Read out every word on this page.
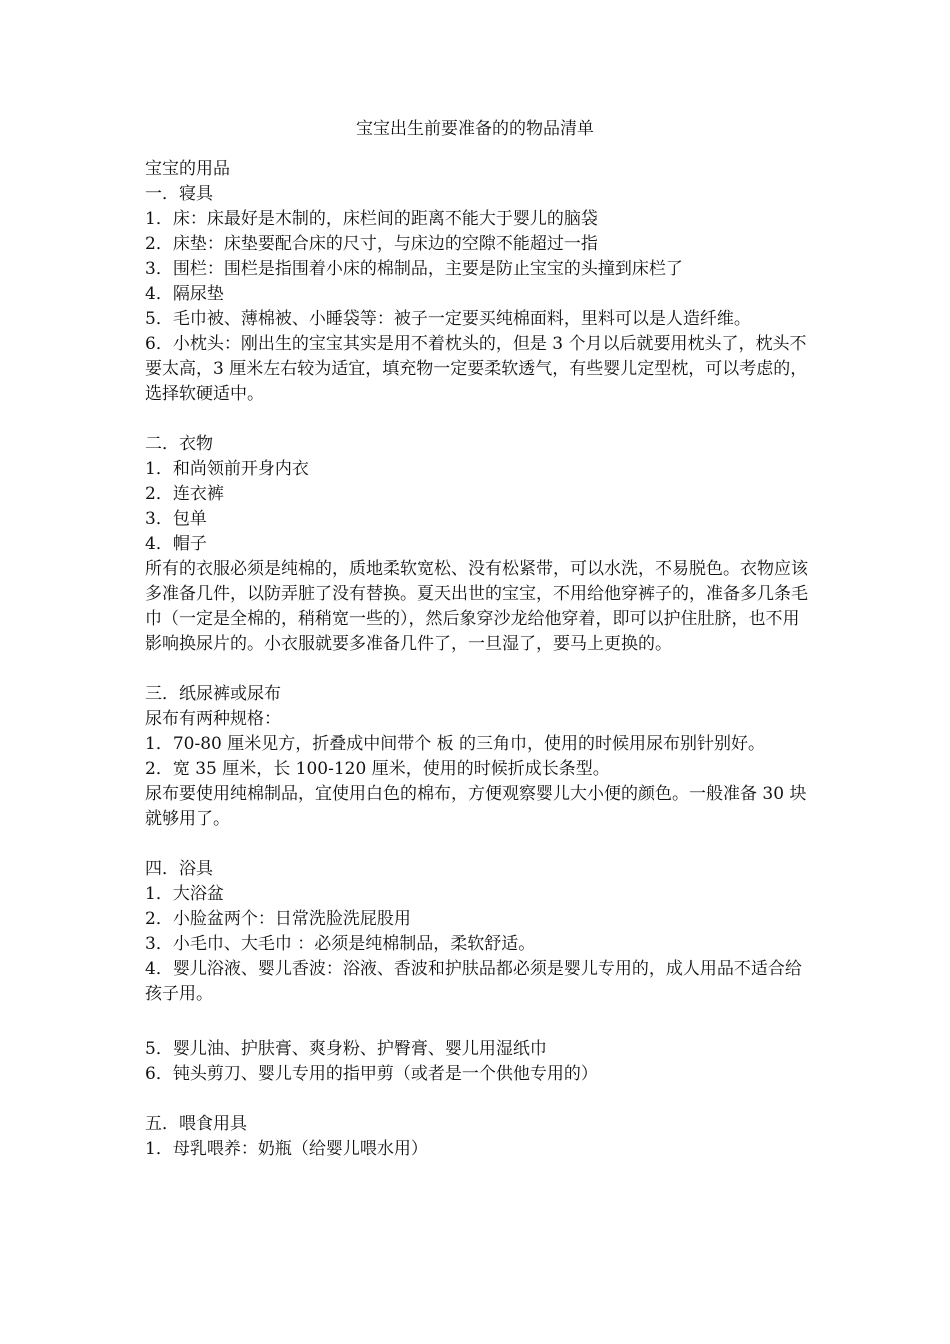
宝宝出生前要准备的的物品清单
宝宝的用品
一．寝具
1．床：床最好是木制的，床栏间的距离不能大于婴儿的脑袋
2．床垫：床垫要配合床的尺寸，与床边的空隙不能超过一指
3．围栏：围栏是指围着小床的棉制品，主要是防止宝宝的头撞到床栏了
4．隔尿垫
5．毛巾被、薄棉被、小睡袋等：被子一定要买纯棉面料，里料可以是人造纤维。
6．小枕头：刚出生的宝宝其实是用不着枕头的，但是 3 个月以后就要用枕头了，枕头不要太高，3 厘米左右较为适宜，填充物一定要柔软透气，有些婴儿定型枕，可以考虑的，选择软硬适中。
二．衣物
1．和尚领前开身内衣
2．连衣裤
3．包单
4．帽子
所有的衣服必须是纯棉的，质地柔软宽松、没有松紧带，可以水洗，不易脱色。衣物应该多准备几件，以防弄脏了没有替换。夏天出世的宝宝，不用给他穿裤子的，准备多几条毛巾（一定是全棉的，稍稍宽一些的），然后象穿沙龙给他穿着，即可以护住肚脐，也不用影响换尿片的。小衣服就要多准备几件了，一旦湿了，要马上更换的。
三．纸尿裤或尿布
尿布有两种规格：
1．70-80 厘米见方，折叠成中间带个 板 的三角巾，使用的时候用尿布别针别好。
2．宽 35 厘米，长 100-120 厘米，使用的时候折成长条型。
尿布要使用纯棉制品，宜使用白色的棉布，方便观察婴儿大小便的颜色。一般准备 30 块就够用了。
四．浴具
1．大浴盆
2．小脸盆两个：日常洗脸洗屁股用
3．小毛巾、大毛巾 ：必须是纯棉制品，柔软舒适。
4．婴儿浴液、婴儿香波：浴液、香波和护肤品都必须是婴儿专用的，成人用品不适合给孩子用。
5．婴儿油、护肤膏、爽身粉、护臀膏、婴儿用湿纸巾
6．钝头剪刀、婴儿专用的指甲剪（或者是一个供他专用的）
五．喂食用具
1．母乳喂养：奶瓶（给婴儿喂水用）
